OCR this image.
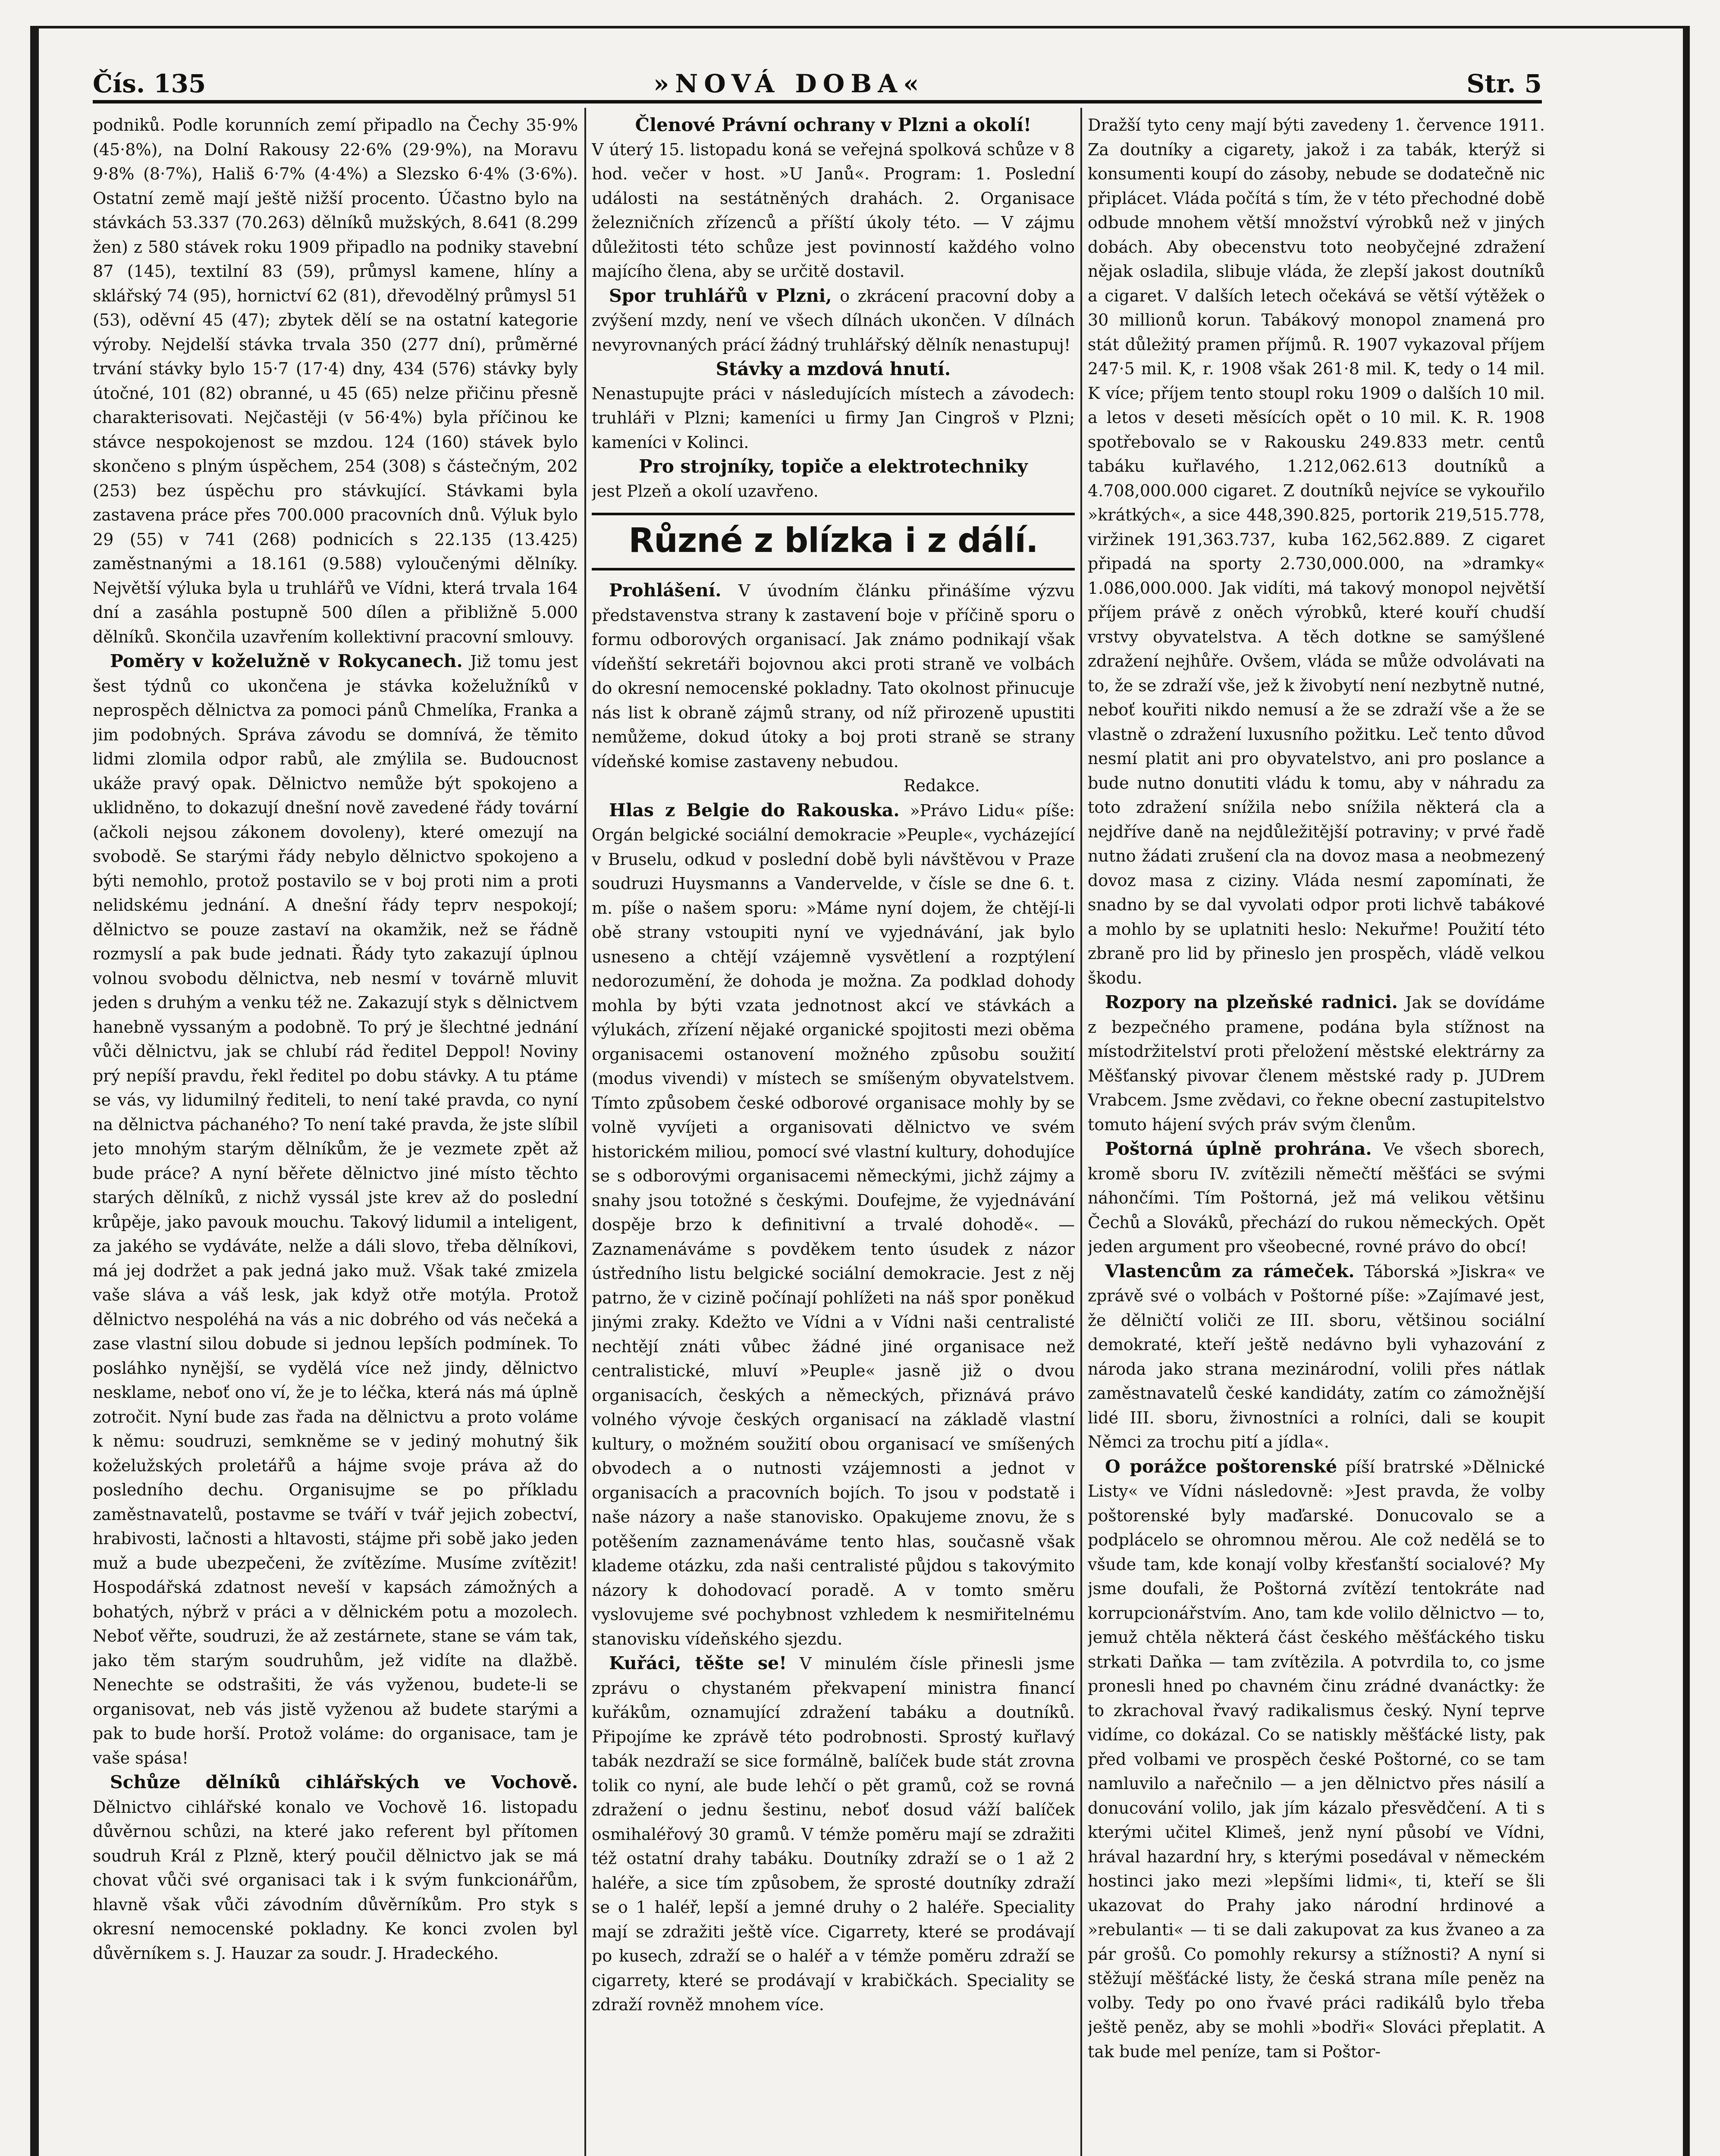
Čís. 135	»NOVÁ DOBA«	Str. 5

podniků. Podle korunních zemí připadlo na Čechy 35·9% (45·8%), na Dolní Rakousy 22·6% (29·9%), na Moravu 9·8% (8·7%), Hališ 6·7% (4·4%) a Slezsko 6·4% (3·6%). Ostatní země mají ještě nižší procento. Účastno bylo na stávkách 53.337 (70.263) dělníků mužských, 8.641 (8.299 žen) z 580 stávek roku 1909 připadlo na podniky stavební 87 (145), textilní 83 (59), průmysl kamene, hlíny a sklářský 74 (95), hornictví 62 (81), dřevodělný průmysl 51 (53), oděvní 45 (47); zbytek dělí se na ostatní kategorie výroby. Nejdelší stávka trvala 350 (277 dní), průměrné trvání stávky bylo 15·7 (17·4) dny, 434 (576) stávky byly útočné, 101 (82) obranné, u 45 (65) nelze přičinu přesně charakterisovati. Nejčastěji (v 56·4%) byla příčinou ke stávce nespokojenost se mzdou. 124 (160) stávek bylo skončeno s plným úspěchem, 254 (308) s částečným, 202 (253) bez úspěchu pro stávkující. Stávkami byla zastavena práce přes 700.000 pracovních dnů. Výluk bylo 29 (55) v 741 (268) podnicích s 22.135 (13.425) zaměstnanými a 18.161 (9.588) vyloučenými dělníky. Největší výluka byla u truhlářů ve Vídni, která trvala 164 dní a zasáhla postupně 500 dílen a přibližně 5.000 dělníků. Skončila uzavřením kollektivní pracovní smlouvy.

Poměry v koželužně v Rokycanech. Již tomu jest šest týdnů co ukončena je stávka koželužníků v neprospěch dělnictva za pomoci pánů Chmelíka, Franka a jim podobných. Správa závodu se domnívá, že těmito lidmi zlomila odpor rabů, ale zmýlila se. Budoucnost ukáže pravý opak. Dělnictvo nemůže být spokojeno a uklidněno, to dokazují dnešní nově zavedené řády tovární (ačkoli nejsou zákonem dovoleny), které omezují na svobodě. Se starými řády nebylo dělnictvo spokojeno a býti nemohlo, protož postavilo se v boj proti nim a proti nelidskému jednání. A dnešní řády teprv nespokojí; dělnictvo se pouze zastaví na okamžik, než se řádně rozmyslí a pak bude jednati. Řády tyto zakazují úplnou volnou svobodu dělnictva, neb nesmí v továrně mluvit jeden s druhým a venku též ne. Zakazují styk s dělnictvem hanebně vyssaným a podobně. To prý je šlechtné jednání vůči dělnictvu, jak se chlubí rád ředitel Deppol! Noviny prý nepíší pravdu, řekl ředitel po dobu stávky. A tu ptáme se vás, vy lidumilný řediteli, to není také pravda, co nyní na dělnictva páchaného? To není také pravda, že jste slíbil jeto mnohým starým dělníkům, že je vezmete zpět až bude práce? A nyní běřete dělnictvo jiné místo těchto starých dělníků, z nichž vyssál jste krev až do poslední krůpěje, jako pavouk mouchu. Takový lidumil a inteligent, za jakého se vydáváte, nelže a dáli slovo, třeba dělníkovi, má jej dodržet a pak jedná jako muž. Však také zmizela vaše sláva a váš lesk, jak když otře motýla. Protož dělnictvo nespoléhá na vás a nic dobrého od vás nečeká a zase vlastní silou dobude si jednou lepších podmínek. To posláhko nynější, se vydělá více než jindy, dělnictvo nesklame, neboť ono ví, že je to léčka, která nás má úplně zotročit. Nyní bude zas řada na dělnictvu a proto voláme k němu: soudruzi, semkněme se v jediný mohutný šik koželužských proletářů a hájme svoje práva až do posledního dechu. Organisujme se po příkladu zaměstnavatelů, postavme se tváří v tvář jejich zobectví, hrabivosti, lačnosti a hltavosti, stájme při sobě jako jeden muž a bude ubezpečeni, že zvítězíme. Musíme zvítězit! Hospodářská zdatnost neveší v kapsách zámožných a bohatých, nýbrž v práci a v dělnickém potu a mozolech. Neboť věřte, soudruzi, že až zestárnete, stane se vám tak, jako těm starým soudruhům, jež vidíte na dlažbě. Nenechte se odstrašiti, že vás vyženou, budete-li se organisovat, neb vás jistě vyženou až budete starými a pak to bude horší. Protož voláme: do organisace, tam je vaše spása!

Schůze dělníků cihlářských ve Vochově. Dělnictvo cihlářské konalo ve Vochově 16. listopadu důvěrnou schůzi, na které jako referent byl přítomen soudruh Král z Plzně, který poučil dělnictvo jak se má chovat vůči své organisaci tak i k svým funkcionářům, hlavně však vůči závodním důvěrníkům. Pro styk s okresní nemocenské pokladny. Ke konci zvolen byl důvěrníkem s. J. Hauzar za soudr. J. Hradeckého.

Členové Právní ochrany v Plzni a okolí!

V úterý 15. listopadu koná se veřejná spolková schůze v 8 hod. večer v host. »U Janů«. Program: 1. Poslední události na sestátněných drahách. 2. Organisace železničních zřízenců a příští úkoly této. — V zájmu důležitosti této schůze jest povinností každého volno majícího člena, aby se určitě dostavil.

Spor truhlářů v Plzni, o zkrácení pracovní doby a zvýšení mzdy, není ve všech dílnách ukončen. V dílnách nevyrovnaných prácí žádný truhlářský dělník nenastupuj!

Stávky a mzdová hnutí.

Nenastupujte práci v následujících místech a závodech: truhláři v Plzni; kameníci u firmy Jan Cingroš v Plzni; kameníci v Kolinci.

Pro strojníky, topiče a elektrotechniky

jest Plzeň a okolí uzavřeno.

Různé z blízka i z dálí.

Prohlášení. V úvodním článku přinášíme výzvu představenstva strany k zastavení boje v příčině sporu o formu odborových organisací. Jak známo podnikají však vídeňští sekretáři bojovnou akci proti straně ve volbách do okresní nemocenské pokladny. Tato okolnost přinucuje nás list k obraně zájmů strany, od níž přirozeně upustiti nemůžeme, dokud útoky a boj proti straně se strany vídeňské komise zastaveny nebudou.

Redakce.

Hlas z Belgie do Rakouska. »Právo Lidu« píše: Orgán belgické sociální demokracie »Peuple«, vycházející v Bruselu, odkud v poslední době byli návštěvou v Praze soudruzi Huysmanns a Vandervelde, v čísle se dne 6. t. m. píše o našem sporu: »Máme nyní dojem, že chtějí-li obě strany vstoupiti nyní ve vyjednávání, jak bylo usneseno a chtějí vzájemně vysvětlení a rozptýlení nedorozumění, že dohoda je možna. Za podklad dohody mohla by býti vzata jednotnost akcí ve stávkách a výlukách, zřízení nějaké organické spojitosti mezi oběma organisacemi ostanovení možného způsobu soužití (modus vivendi) v místech se smíšeným obyvatelstvem. Tímto způsobem české odborové organisace mohly by se volně vyvíjeti a organisovati dělnictvo ve svém historickém miliou, pomocí své vlastní kultury, dohodujíce se s odborovými organisacemi německými, jichž zájmy a snahy jsou totožné s českými. Doufejme, že vyjednávání dospěje brzo k definitivní a trvalé dohodě«. — Zaznamenáváme s povděkem tento úsudek z názor ústředního listu belgické sociální demokracie. Jest z něj patrno, že v cizině počínají pohlížeti na náš spor poněkud jinými zraky. Kdežto ve Vídni a v Vídni naši centralisté nechtějí znáti vůbec žádné jiné organisace než centralistické, mluví »Peuple« jasně již o dvou organisacích, českých a německých, přiznává právo volného vývoje českých organisací na základě vlastní kultury, o možném soužití obou organisací ve smíšených obvodech a o nutnosti vzájemnosti a jednot v organisacích a pracovních bojích. To jsou v podstatě i naše názory a naše stanovisko. Opakujeme znovu, že s potěšením zaznamenáváme tento hlas, současně však klademe otázku, zda naši centralisté půjdou s takovýmito názory k dohodovací poradě. A v tomto směru vyslovujeme své pochybnost vzhledem k nesmiřitelnému stanovisku vídeňského sjezdu.

Kuřáci, těšte se! V minulém čísle přinesli jsme zprávu o chystaném překvapení ministra financí kuřákům, oznamující zdražení tabáku a doutníků. Připojíme ke zprávě této podrobnosti. Sprostý kuřlavý tabák nezdraží se sice formálně, balíček bude stát zrovna tolik co nyní, ale bude lehčí o pět gramů, což se rovná zdražení o jednu šestinu, neboť dosud váží balíček osmihaléřový 30 gramů. V témže poměru mají se zdražiti též ostatní drahy tabáku. Doutníky zdraží se o 1 až 2 haléře, a sice tím způsobem, že sprosté doutníky zdraží se o 1 haléř, lepší a jemné druhy o 2 haléře. Speciality mají se zdražiti ještě více. Cigarrety, které se prodávají po kusech, zdraží se o haléř a v témže poměru zdraží se cigarrety, které se prodávají v krabičkách. Speciality se zdraží rovněž mnohem více.

Dražší tyto ceny mají býti zavedeny 1. července 1911. Za doutníky a cigarety, jakož i za tabák, kterýž si konsumenti koupí do zásoby, nebude se dodatečně nic připlácet. Vláda počítá s tím, že v této přechodné době odbude mnohem větší množství výrobků než v jiných dobách. Aby obecenstvu toto neobyčejné zdražení nějak osladila, slibuje vláda, že zlepší jakost doutníků a cigaret. V dalších letech očekává se větší výtěžek o 30 millionů korun. Tabákový monopol znamená pro stát důležitý pramen příjmů. R. 1907 vykazoval příjem 247·5 mil. K, r. 1908 však 261·8 mil. K, tedy o 14 mil. K více; příjem tento stoupl roku 1909 o dalších 10 mil. a letos v deseti měsících opět o 10 mil. K. R. 1908 spotřebovalo se v Rakousku 249.833 metr. centů tabáku kuřlavého, 1.212,062.613 doutníků a 4.708,000.000 cigaret. Z doutníků nejvíce se vykouřilo »krátkých«, a sice 448,390.825, portorik 219,515.778, viržinek 191,363.737, kuba 162,562.889. Z cigaret připadá na sporty 2.730,000.000, na »dramky« 1.086,000.000. Jak vidíti, má takový monopol největší příjem právě z oněch výrobků, které kouří chudší vrstvy obyvatelstva. A těch dotkne se samýšlené zdražení nejhůře. Ovšem, vláda se může odvolávati na to, že se zdraží vše, jež k živobytí není nezbytně nutné, neboť kouřiti nikdo nemusí a že se zdraží vše a že se vlastně o zdražení luxusního požitku. Leč tento důvod nesmí platit ani pro obyvatelstvo, ani pro poslance a bude nutno donutiti vládu k tomu, aby v náhradu za toto zdražení snížila nebo snížila některá cla a nejdříve daně na nejdůležitější potraviny; v prvé řadě nutno žádati zrušení cla na dovoz masa a neobmezený dovoz masa z ciziny. Vláda nesmí zapomínati, že snadno by se dal vyvolati odpor proti lichvě tabákové a mohlo by se uplatniti heslo: Nekuřme! Použití této zbraně pro lid by přineslo jen prospěch, vládě velkou škodu.

Rozpory na plzeňské radnici. Jak se dovídáme z bezpečného pramene, podána byla stížnost na místodržitelství proti přeložení městské elektrárny za Měšťanský pivovar členem městské rady p. JUDrem Vrabcem. Jsme zvědavi, co řekne obecní zastupitelstvo tomuto hájení svých práv svým členům.

Poštorná úplně prohrána. Ve všech sborech, kromě sboru IV. zvítězili němečtí měšťáci se svými náhončími. Tím Poštorná, jež má velikou většinu Čechů a Slováků, přechází do rukou německých. Opět jeden argument pro všeobecné, rovné právo do obcí!

Vlastencům za rámeček. Táborská »Jiskra« ve zprávě své o volbách v Poštorné píše: »Zajímavé jest, že dělničtí voliči ze III. sboru, většinou sociální demokraté, kteří ještě nedávno byli vyhazování z národa jako strana mezinárodní, volili přes nátlak zaměstnavatelů české kandidáty, zatím co zámožnější lidé III. sboru, živnostníci a rolníci, dali se koupit Němci za trochu pití a jídla«.

O porážce poštorenské píší bratrské »Dělnické Listy« ve Vídni následovně: »Jest pravda, že volby poštorenské byly maďarské. Donucovalo se a podplácelo se ohromnou měrou. Ale což nedělá se to všude tam, kde konají volby křesťanští socialové? My jsme doufali, že Poštorná zvítězí tentokráte nad korrupcionářstvím. Ano, tam kde volilo dělnictvo — to, jemuž chtěla některá část českého měšťáckého tisku strkati Daňka — tam zvítězila. A potvrdila to, co jsme pronesli hned po chavném činu zrádné dvanáctky: že to zkrachoval řvavý radikalismus český. Nyní teprve vidíme, co dokázal. Co se natiskly měšťácké listy, pak před volbami ve prospěch české Poštorné, co se tam namluvilo a nařečnilo — a jen dělnictvo přes násilí a donucování volilo, jak jím kázalo přesvědčení. A ti s kterými učitel Klimeš, jenž nyní působí ve Vídni, hrával hazardní hry, s kterými posedával v německém hostinci jako mezi »lepšími lidmi«, ti, kteří se šli ukazovat do Prahy jako národní hrdinové a »rebulanti« — ti se dali zakupovat za kus žvaneo a za pár grošů. Co pomohly rekursy a stížnosti? A nyní si stěžují měšťácké listy, že česká strana míle peněz na volby. Tedy po ono řvavé práci radikálů bylo třeba ještě peněz, aby se mohli »bodři« Slováci přeplatit. A tak bude mel peníze, tam si Poštor-
